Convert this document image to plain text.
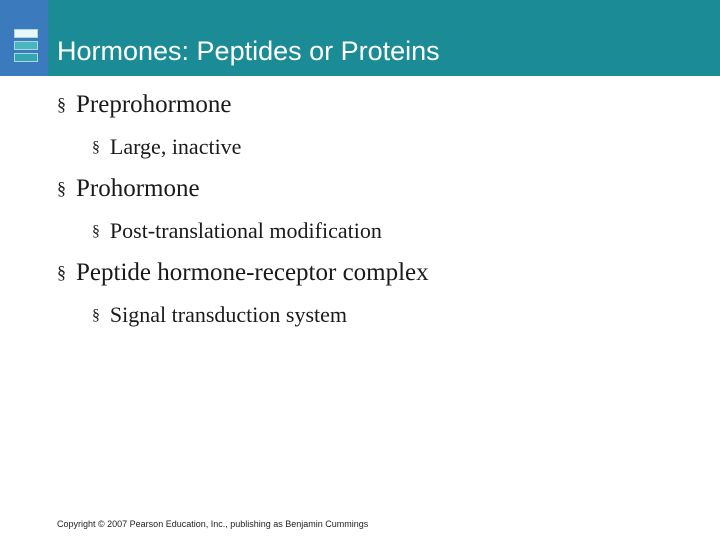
Hormones: Peptides or Proteins
§ Preprohormone
§ Large, inactive
§ Prohormone
§ Post-translational modification
§ Peptide hormone-receptor complex
§ Signal transduction system
Copyright © 2007 Pearson Education, Inc., publishing as Benjamin Cummings
